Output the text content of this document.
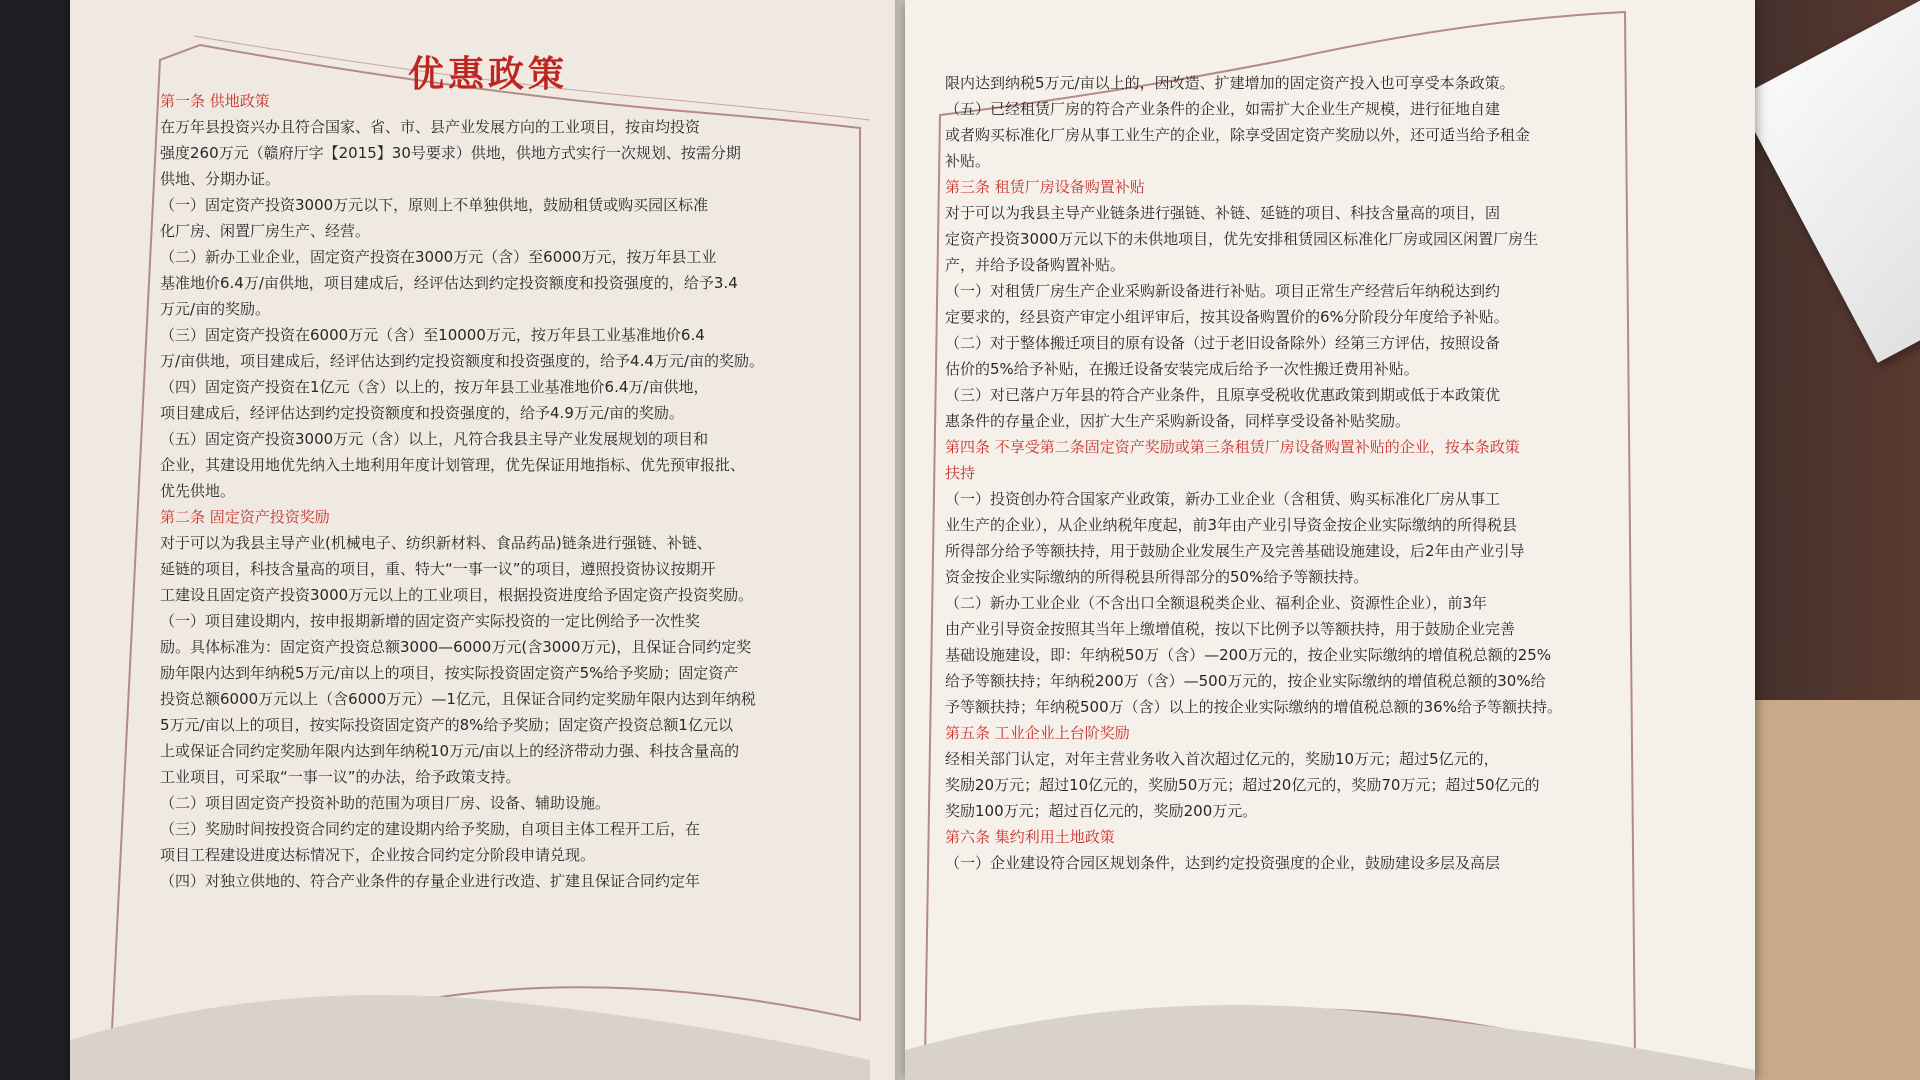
优惠政策

第一条 供地政策

在万年县投资兴办且符合国家、省、市、县产业发展方向的工业项目，按亩均投资

强度260万元（赣府厅字【2015】30号要求）供地，供地方式实行一次规划、按需分期

供地、分期办证。

（一）固定资产投资3000万元以下，原则上不单独供地，鼓励租赁或购买园区标准

化厂房、闲置厂房生产、经营。

（二）新办工业企业，固定资产投资在3000万元（含）至6000万元，按万年县工业

基准地价6.4万/亩供地，项目建成后，经评估达到约定投资额度和投资强度的，给予3.4

万元/亩的奖励。

（三）固定资产投资在6000万元（含）至10000万元，按万年县工业基准地价6.4

万/亩供地，项目建成后，经评估达到约定投资额度和投资强度的，给予4.4万元/亩的奖励。

（四）固定资产投资在1亿元（含）以上的，按万年县工业基准地价6.4万/亩供地，

项目建成后，经评估达到约定投资额度和投资强度的，给予4.9万元/亩的奖励。

（五）固定资产投资3000万元（含）以上，凡符合我县主导产业发展规划的项目和

企业，其建设用地优先纳入土地利用年度计划管理，优先保证用地指标、优先预审报批、

优先供地。

第二条 固定资产投资奖励

对于可以为我县主导产业(机械电子、纺织新材料、食品药品)链条进行强链、补链、

延链的项目，科技含量高的项目，重、特大“一事一议”的项目，遵照投资协议按期开

工建设且固定资产投资3000万元以上的工业项目，根据投资进度给予固定资产投资奖励。

（一）项目建设期内，按申报期新增的固定资产实际投资的一定比例给予一次性奖

励。具体标准为：固定资产投资总额3000—6000万元(含3000万元)，且保证合同约定奖

励年限内达到年纳税5万元/亩以上的项目，按实际投资固定资产5%给予奖励；固定资产

投资总额6000万元以上（含6000万元）—1亿元，且保证合同约定奖励年限内达到年纳税

5万元/亩以上的项目，按实际投资固定资产的8%给予奖励；固定资产投资总额1亿元以

上或保证合同约定奖励年限内达到年纳税10万元/亩以上的经济带动力强、科技含量高的

工业项目，可采取“一事一议”的办法，给予政策支持。

（二）项目固定资产投资补助的范围为项目厂房、设备、辅助设施。

（三）奖励时间按投资合同约定的建设期内给予奖励，自项目主体工程开工后，在

项目工程建设进度达标情况下，企业按合同约定分阶段申请兑现。

（四）对独立供地的、符合产业条件的存量企业进行改造、扩建且保证合同约定年

限内达到纳税5万元/亩以上的，因改造、扩建增加的固定资产投入也可享受本条政策。

（五）已经租赁厂房的符合产业条件的企业，如需扩大企业生产规模，进行征地自建

或者购买标准化厂房从事工业生产的企业，除享受固定资产奖励以外，还可适当给予租金

补贴。

第三条 租赁厂房设备购置补贴

对于可以为我县主导产业链条进行强链、补链、延链的项目、科技含量高的项目，固

定资产投资3000万元以下的未供地项目，优先安排租赁园区标准化厂房或园区闲置厂房生

产，并给予设备购置补贴。

（一）对租赁厂房生产企业采购新设备进行补贴。项目正常生产经营后年纳税达到约

定要求的，经县资产审定小组评审后，按其设备购置价的6%分阶段分年度给予补贴。

（二）对于整体搬迁项目的原有设备（过于老旧设备除外）经第三方评估，按照设备

估价的5%给予补贴，在搬迁设备安装完成后给予一次性搬迁费用补贴。

（三）对已落户万年县的符合产业条件，且原享受税收优惠政策到期或低于本政策优

惠条件的存量企业，因扩大生产采购新设备，同样享受设备补贴奖励。

第四条 不享受第二条固定资产奖励或第三条租赁厂房设备购置补贴的企业，按本条政策

扶持

（一）投资创办符合国家产业政策，新办工业企业（含租赁、购买标准化厂房从事工

业生产的企业），从企业纳税年度起，前3年由产业引导资金按企业实际缴纳的所得税县

所得部分给予等额扶持，用于鼓励企业发展生产及完善基础设施建设，后2年由产业引导

资金按企业实际缴纳的所得税县所得部分的50%给予等额扶持。

（二）新办工业企业（不含出口全额退税类企业、福利企业、资源性企业），前3年

由产业引导资金按照其当年上缴增值税，按以下比例予以等额扶持，用于鼓励企业完善

基础设施建设，即：年纳税50万（含）—200万元的，按企业实际缴纳的增值税总额的25%

给予等额扶持；年纳税200万（含）—500万元的，按企业实际缴纳的增值税总额的30%给

予等额扶持；年纳税500万（含）以上的按企业实际缴纳的增值税总额的36%给予等额扶持。

第五条 工业企业上台阶奖励

经相关部门认定，对年主营业务收入首次超过亿元的，奖励10万元；超过5亿元的，

奖励20万元；超过10亿元的，奖励50万元；超过20亿元的，奖励70万元；超过50亿元的

奖励100万元；超过百亿元的，奖励200万元。

第六条 集约利用土地政策

（一）企业建设符合园区规划条件，达到约定投资强度的企业，鼓励建设多层及高层
